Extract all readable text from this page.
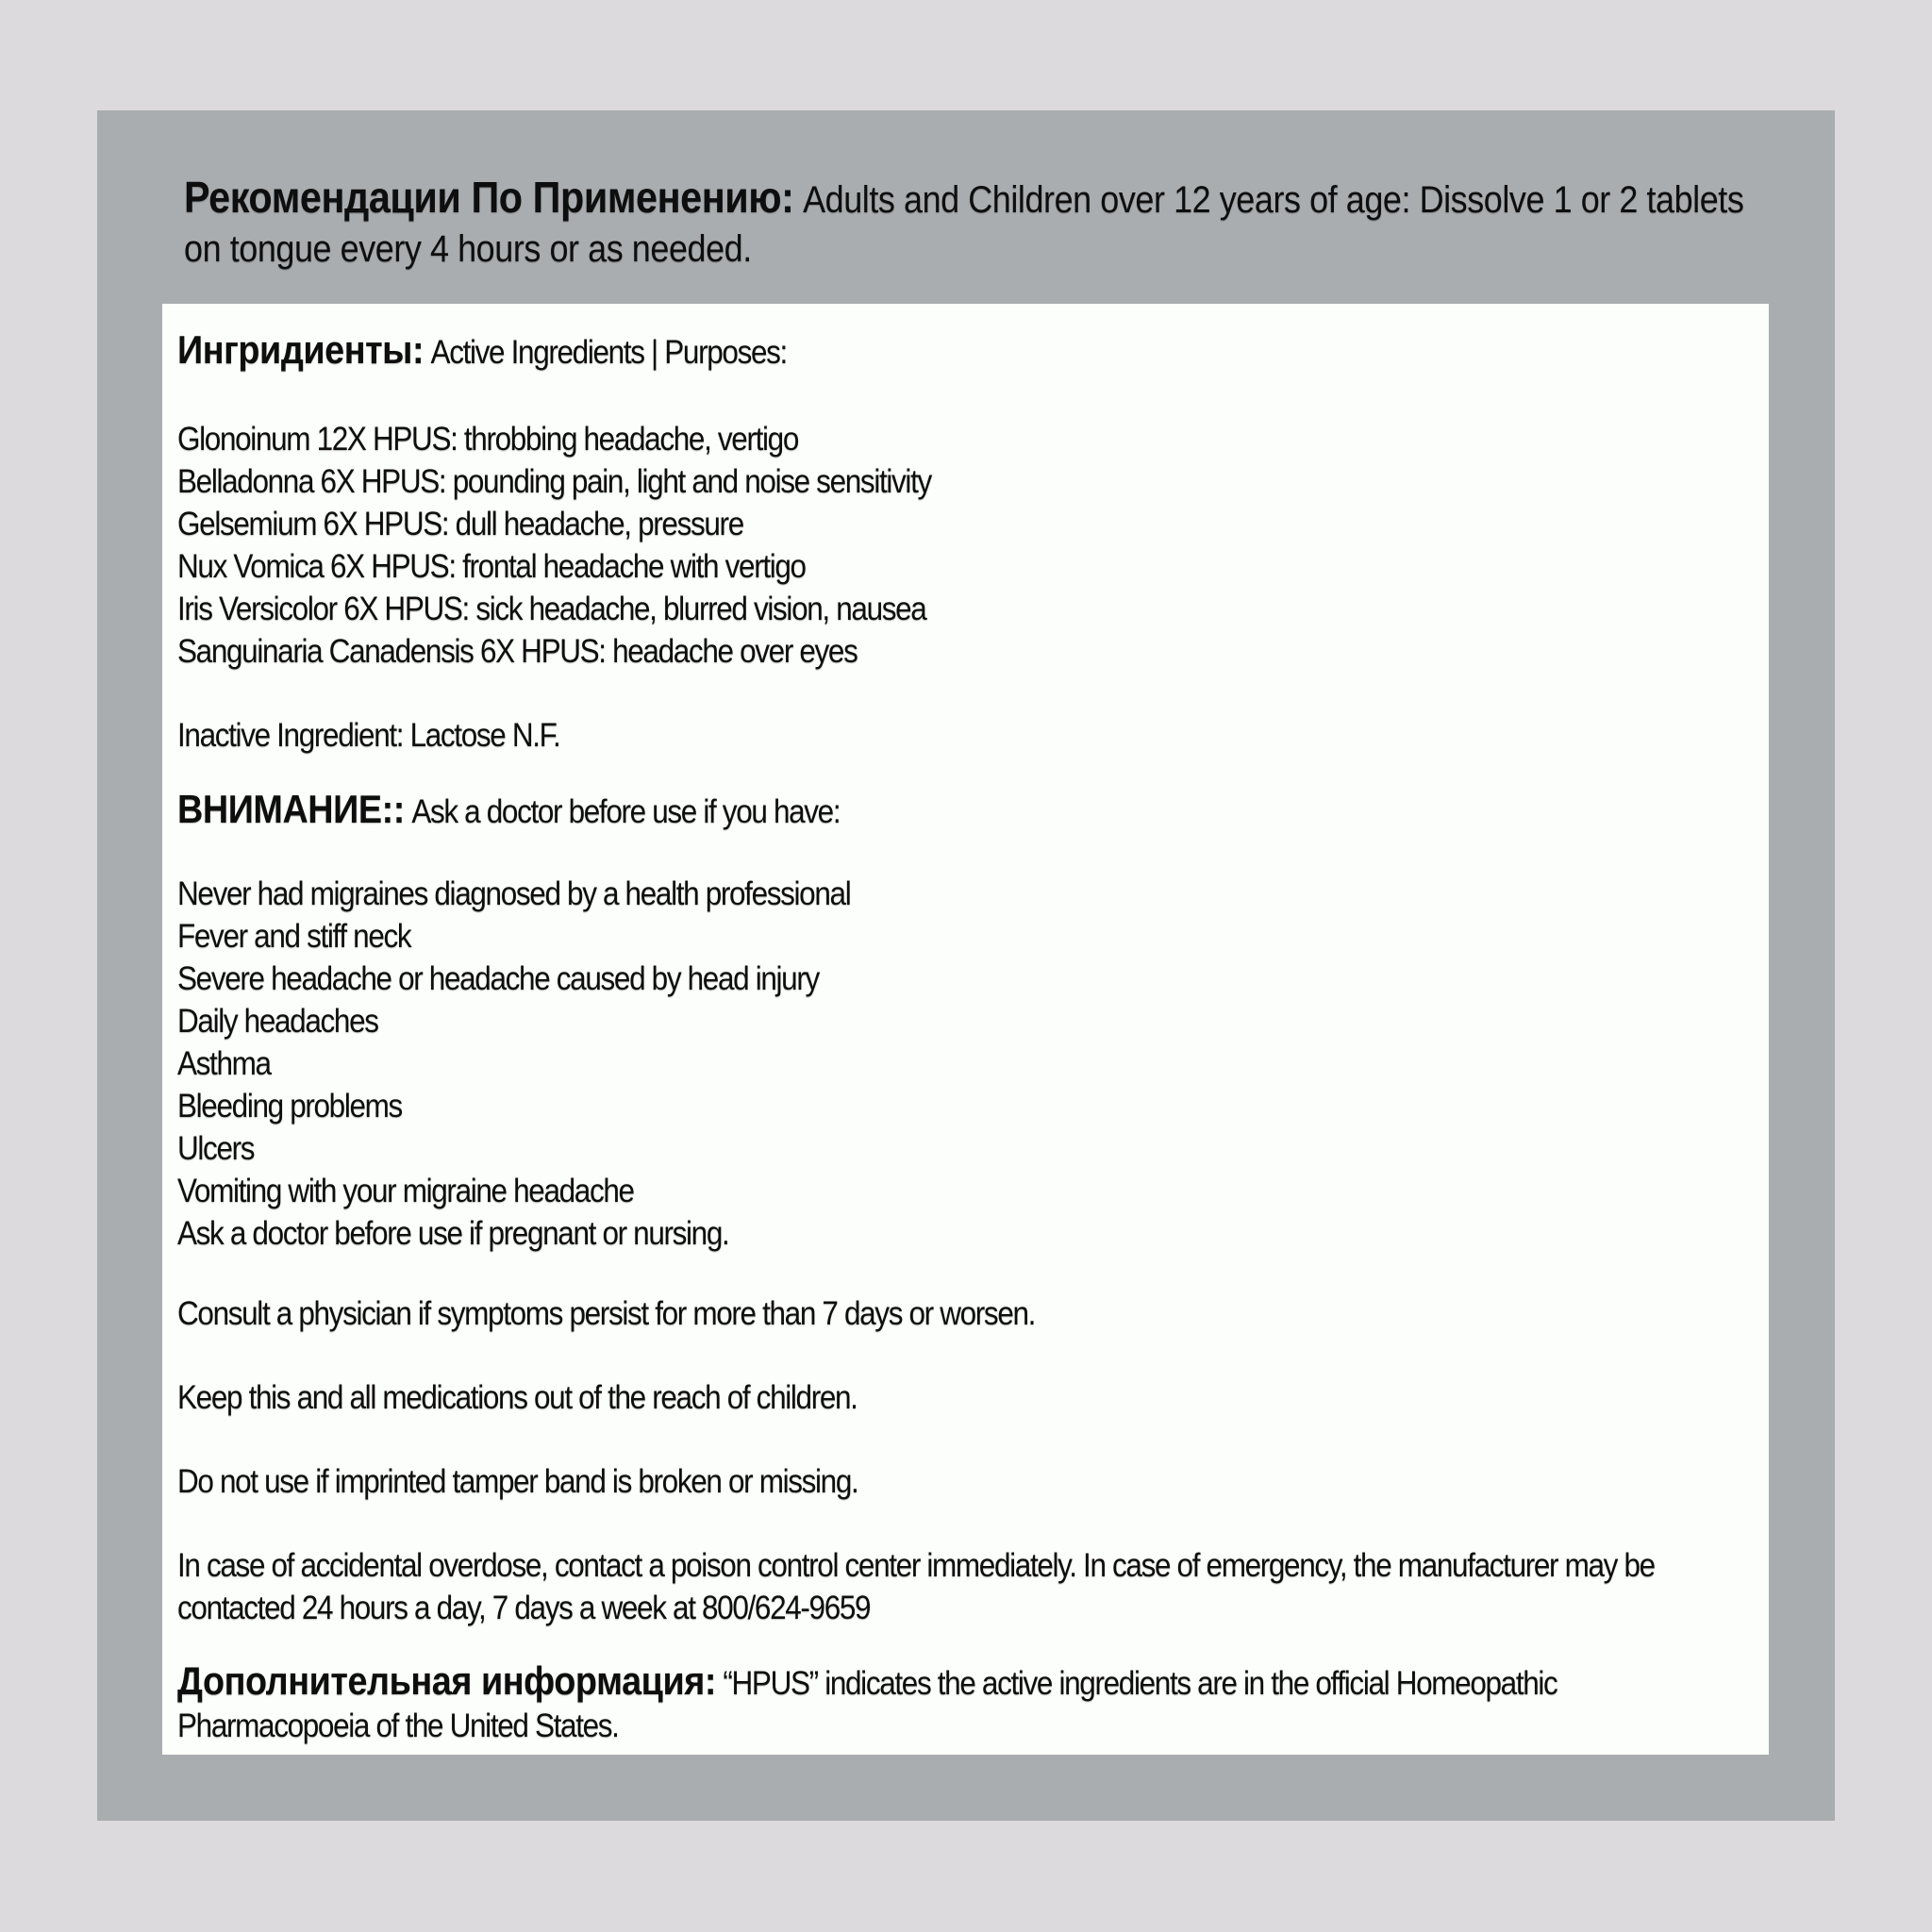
Рекомендации По Применению: Adults and Children over 12 years of age: Dissolve 1 or 2 tablets on tongue every 4 hours or as needed.

Ингридиенты: Active Ingredients | Purposes:

Glonoinum 12X HPUS: throbbing headache, vertigo
Belladonna 6X HPUS: pounding pain, light and noise sensitivity
Gelsemium 6X HPUS: dull headache, pressure
Nux Vomica 6X HPUS: frontal headache with vertigo
Iris Versicolor 6X HPUS: sick headache, blurred vision, nausea
Sanguinaria Canadensis 6X HPUS: headache over eyes

Inactive Ingredient: Lactose N.F.

ВНИМАНИЕ:: Ask a doctor before use if you have:

Never had migraines diagnosed by a health professional
Fever and stiff neck
Severe headache or headache caused by head injury
Daily headaches
Asthma
Bleeding problems
Ulcers
Vomiting with your migraine headache
Ask a doctor before use if pregnant or nursing.

Consult a physician if symptoms persist for more than 7 days or worsen.

Keep this and all medications out of the reach of children.

Do not use if imprinted tamper band is broken or missing.

In case of accidental overdose, contact a poison control center immediately. In case of emergency, the manufacturer may be contacted 24 hours a day, 7 days a week at 800/624-9659

Дополнительная информация: “HPUS” indicates the active ingredients are in the official Homeopathic Pharmacopoeia of the United States.
